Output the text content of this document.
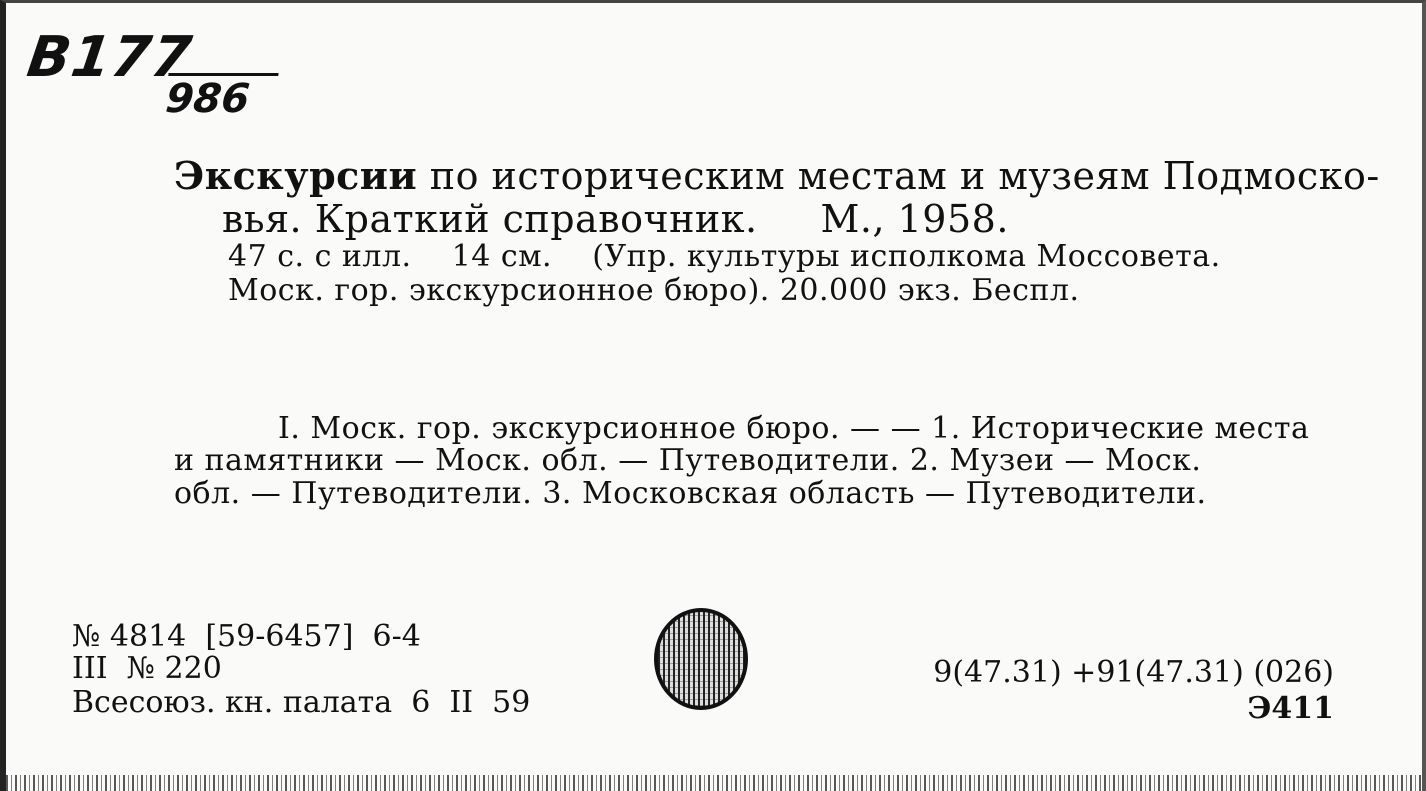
B177
986
Экскурсии по историческим местам и музеям Подмоско-
вья. Краткий справочник.     М., 1958.
47 с. с илл.    14 см.    (Упр. культуры исполкома Моссовета.
Моск. гор. экскурсионное бюро). 20.000 экз. Беспл.
I. Моск. гор. экскурсионное бюро. — — 1. Исторические места
и памятники — Моск. обл. — Путеводители. 2. Музеи — Моск.
обл. — Путеводители. 3. Московская область — Путеводители.
№ 4814  [59-6457]  6-4
III  № 220
Всесоюз. кн. палата  6  II  59
9(47.31) +91(47.31) (026)
Э411
